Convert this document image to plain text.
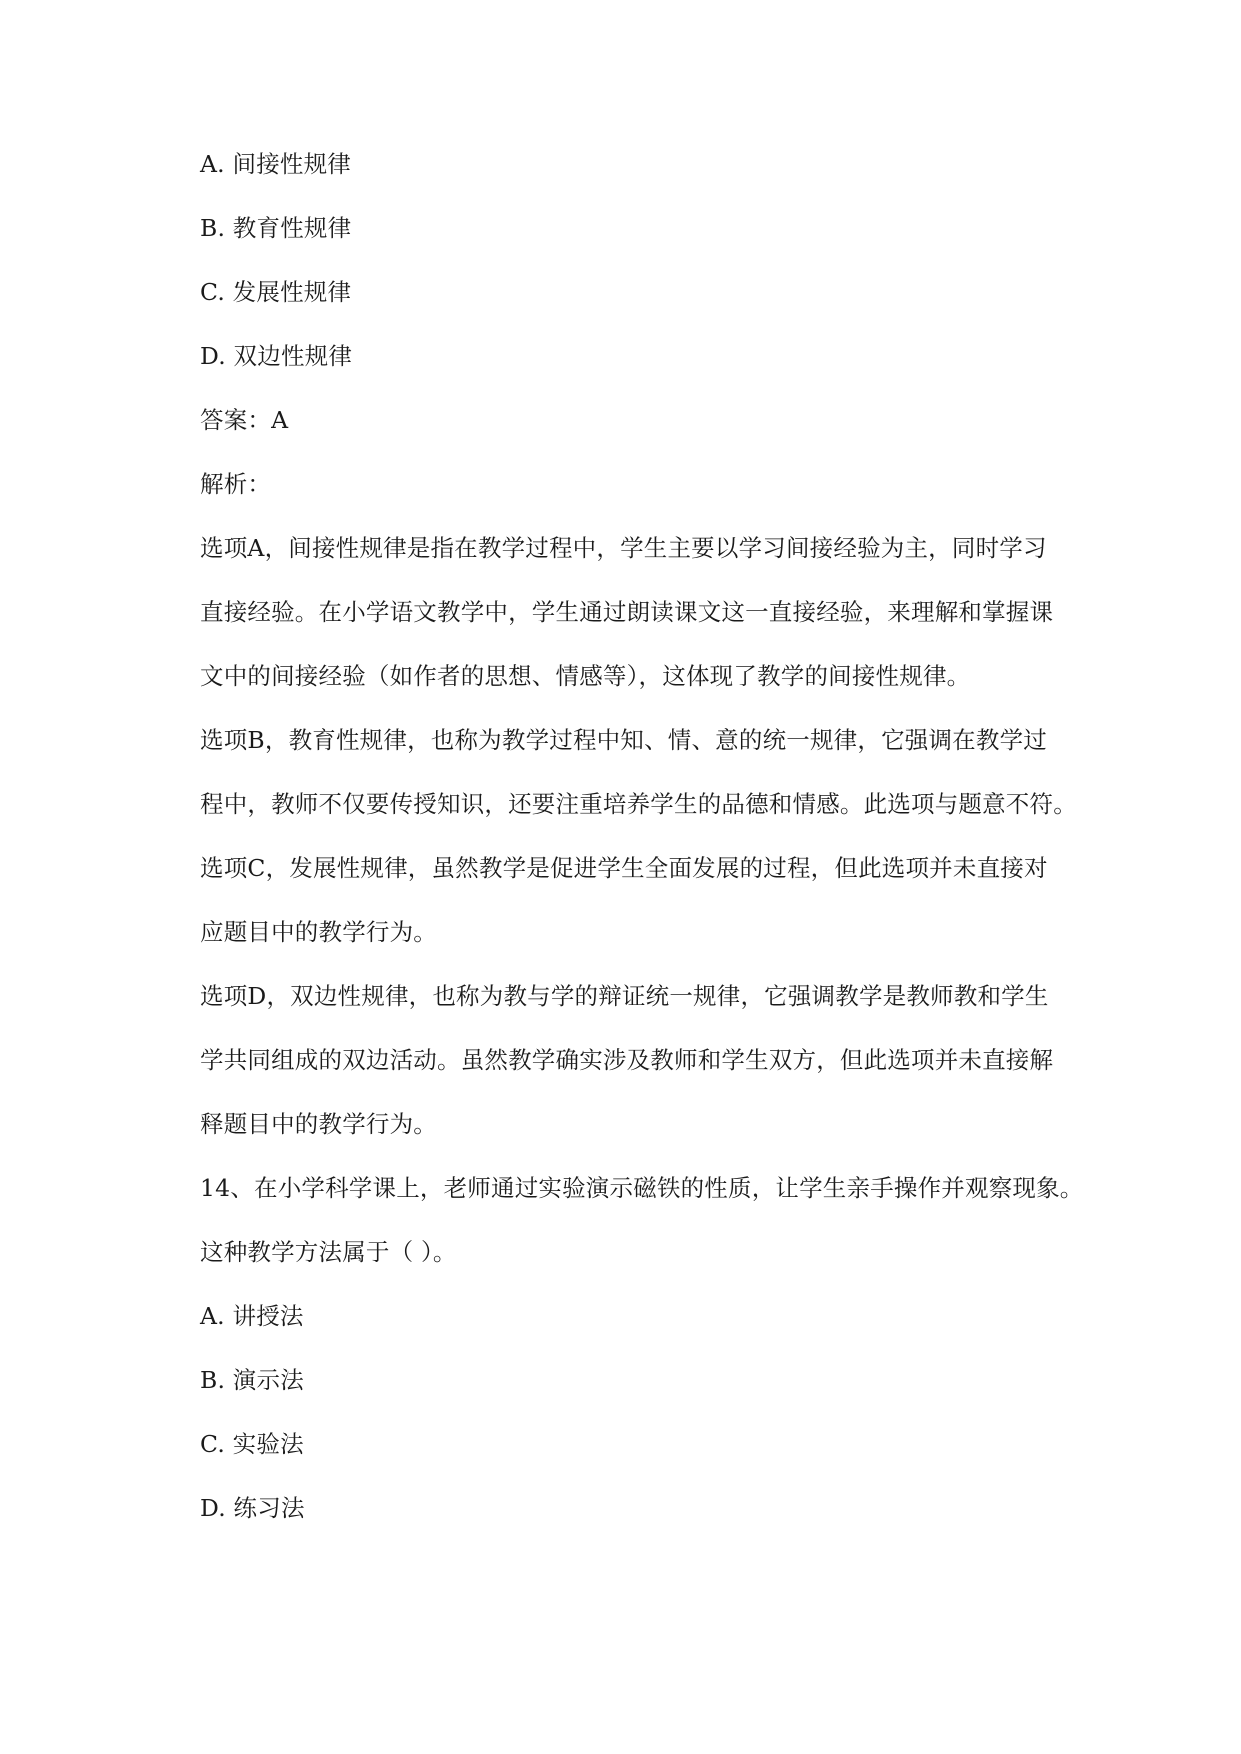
A. 间接性规律
B. 教育性规律
C. 发展性规律
D. 双边性规律
答案：A
解析：
选项A，间接性规律是指在教学过程中，学生主要以学习间接经验为主，同时学习
直接经验。在小学语文教学中，学生通过朗读课文这一直接经验，来理解和掌握课
文中的间接经验（如作者的思想、情感等），这体现了教学的间接性规律。
选项B，教育性规律，也称为教学过程中知、情、意的统一规律，它强调在教学过
程中，教师不仅要传授知识，还要注重培养学生的品德和情感。此选项与题意不符。
选项C，发展性规律，虽然教学是促进学生全面发展的过程，但此选项并未直接对
应题目中的教学行为。
选项D，双边性规律，也称为教与学的辩证统一规律，它强调教学是教师教和学生
学共同组成的双边活动。虽然教学确实涉及教师和学生双方，但此选项并未直接解
释题目中的教学行为。
14、在小学科学课上，老师通过实验演示磁铁的性质，让学生亲手操作并观察现象。
这种教学方法属于（ ）。
A. 讲授法
B. 演示法
C. 实验法
D. 练习法
